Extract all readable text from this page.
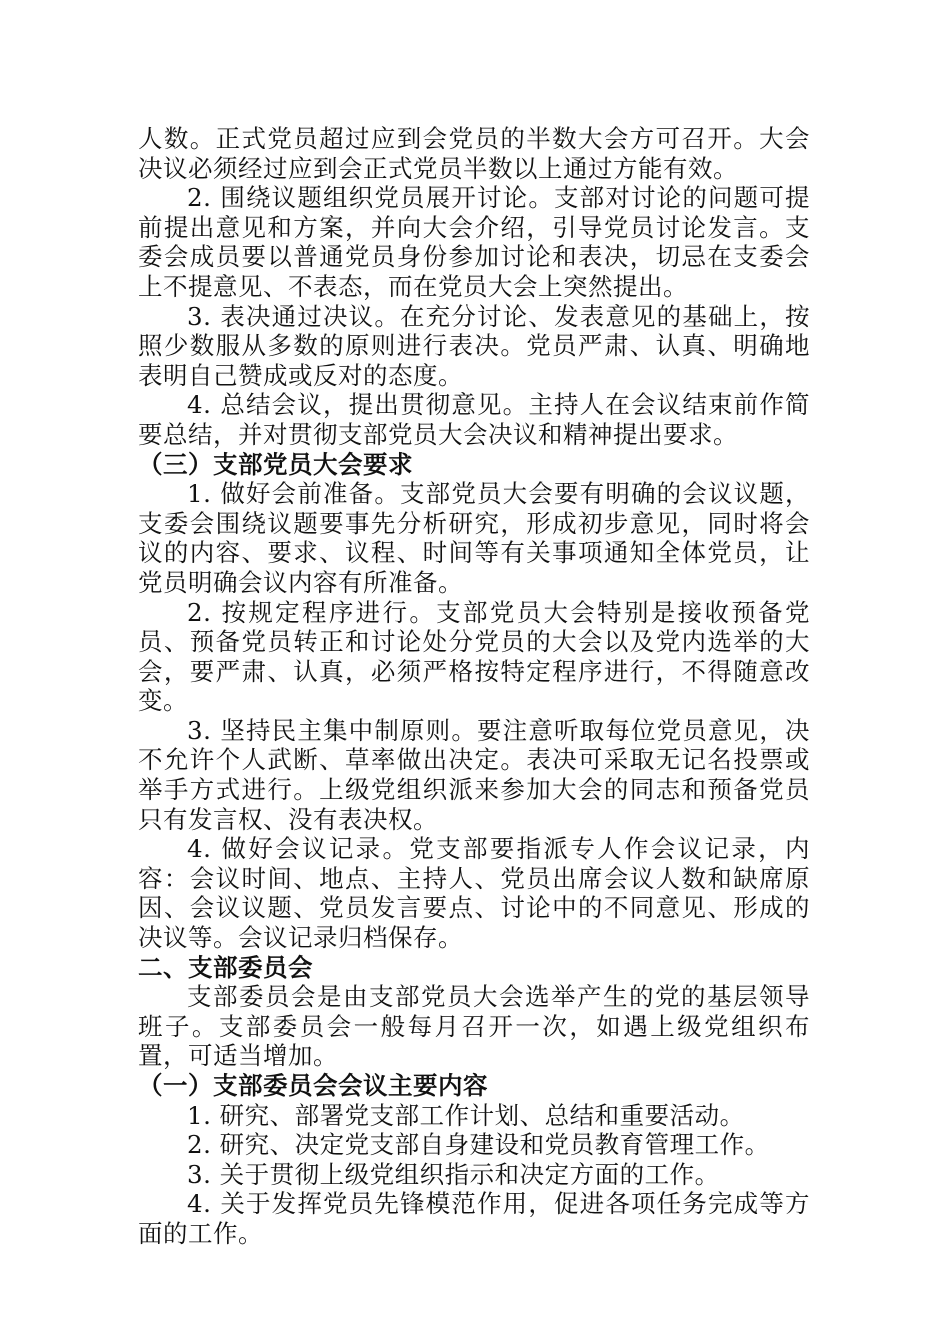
人数。正式党员超过应到会党员的半数大会方可召开。大会决议必须经过应到会正式党员半数以上通过方能有效。

2. 围绕议题组织党员展开讨论。支部对讨论的问题可提前提出意见和方案，并向大会介绍，引导党员讨论发言。支委会成员要以普通党员身份参加讨论和表决，切忌在支委会上不提意见、不表态，而在党员大会上突然提出。

3. 表决通过决议。在充分讨论、发表意见的基础上，按照少数服从多数的原则进行表决。党员严肃、认真、明确地表明自己赞成或反对的态度。

4. 总结会议，提出贯彻意见。主持人在会议结束前作简要总结，并对贯彻支部党员大会决议和精神提出要求。

（三）支部党员大会要求

1. 做好会前准备。支部党员大会要有明确的会议议题，支委会围绕议题要事先分析研究，形成初步意见，同时将会议的内容、要求、议程、时间等有关事项通知全体党员，让党员明确会议内容有所准备。

2. 按规定程序进行。支部党员大会特别是接收预备党员、预备党员转正和讨论处分党员的大会以及党内选举的大会，要严肃、认真，必须严格按特定程序进行，不得随意改变。

3. 坚持民主集中制原则。要注意听取每位党员意见，决不允许个人武断、草率做出决定。表决可采取无记名投票或举手方式进行。上级党组织派来参加大会的同志和预备党员只有发言权、没有表决权。

4. 做好会议记录。党支部要指派专人作会议记录，内容：会议时间、地点、主持人、党员出席会议人数和缺席原因、会议议题、党员发言要点、讨论中的不同意见、形成的决议等。会议记录归档保存。

二、支部委员会

支部委员会是由支部党员大会选举产生的党的基层领导班子。支部委员会一般每月召开一次，如遇上级党组织布置，可适当增加。

（一）支部委员会会议主要内容

1. 研究、部署党支部工作计划、总结和重要活动。

2. 研究、决定党支部自身建设和党员教育管理工作。

3. 关于贯彻上级党组织指示和决定方面的工作。

4. 关于发挥党员先锋模范作用，促进各项任务完成等方面的工作。
